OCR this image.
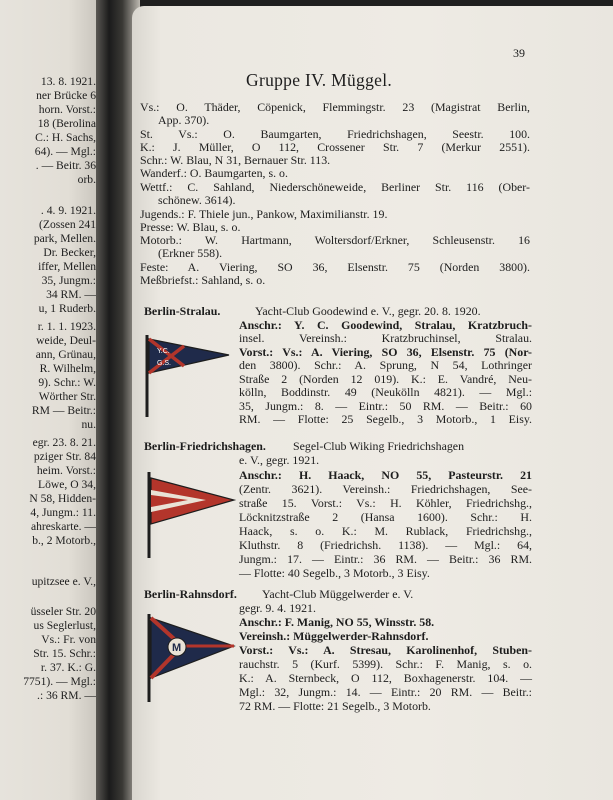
39
Gruppe IV. Müggel.
Y.C.
G.S.
M
13. 8. 1921.
ner Brücke 6
horn. Vorst.:
18 (Berolina
C.: H. Sachs,
64). — Mgl.:
. — Beitr. 36
orb.
. 4. 9. 1921.
(Zossen 241
park, Mellen.
Dr. Becker,
iffer, Mellen
35, Jungm.:
34 RM. —
u, 1 Ruderb.
r. 1. 1. 1923.
weide, Deul-
ann, Grünau,
R. Wilhelm,
9). Schr.: W.
Wörther Str.
RM — Beitr.:
nu.
egr. 23. 8. 21.
pziger Str. 84
heim. Vorst.:
Löwe, O 34,
N 58, Hidden-
4, Jungm.: 11.
ahreskarte. —
b., 2 Motorb.,
upitzsee e. V.,
üsseler Str. 20
us Seglerlust,
Vs.: Fr. von
Str. 15. Schr.:
r. 37. K.: G.
7751). — Mgl.:
.: 36 RM. —
Vs.: O. Thäder, Cöpenick, Flemmingstr. 23 (Magistrat Berlin,
App. 370).
St. Vs.: O. Baumgarten, Friedrichshagen, Seestr. 100.
K.: J. Müller, O 112, Crossener Str. 7 (Merkur 2551).
Schr.: W. Blau, N 31, Bernauer Str. 113.
Wanderf.: O. Baumgarten, s. o.
Wettf.: C. Sahland, Niederschöneweide, Berliner Str. 116 (Ober-
schönew. 3614).
Jugends.: F. Thiele jun., Pankow, Maximilianstr. 19.
Presse: W. Blau, s. o.
Motorb.: W. Hartmann, Woltersdorf/Erkner, Schleusenstr. 16
(Erkner 558).
Feste: A. Viering, SO 36, Elsenstr. 75 (Norden 3800).
Meßbriefst.: Sahland, s. o.
Berlin-Stralau.	Yacht-Club Goodewind e. V., gegr. 20. 8. 1920.
Anschr.: Y. C. Goodewind, Stralau, Kratzbruch-
insel. Vereinsh.: Kratzbruchinsel, Stralau.
Vorst.: Vs.: A. Viering, SO 36, Elsenstr. 75 (Nor-
den 3800). Schr.: A. Sprung, N 54, Lothringer
Straße 2 (Norden 12 019). K.: E. Vandré, Neu-
kölln, Boddinstr. 49 (Neukölln 4821). — Mgl.:
35, Jungm.: 8. — Eintr.: 50 RM. — Beitr.: 60
RM. — Flotte: 25 Segelb., 3 Motorb., 1 Eisy.
Berlin-Friedrichshagen. Segel-Club Wiking Friedrichshagen
e. V., gegr. 1921.
Anschr.: H. Haack, NO 55, Pasteurstr. 21
(Zentr. 3621). Vereinsh.: Friedrichshagen, See-
straße 15. Vorst.: Vs.: H. Köhler, Friedrichshg.,
Löcknitzstraße 2 (Hansa 1600). Schr.: H.
Haack, s. o. K.: M. Rublack, Friedrichshg.,
Kluthstr. 8 (Friedrichsh. 1138). — Mgl.: 64,
Jungm.: 17. — Eintr.: 36 RM. — Beitr.: 36 RM.
— Flotte: 40 Segelb., 3 Motorb., 3 Eisy.
Berlin-Rahnsdorf. Yacht-Club Müggelwerder e. V.
gegr. 9. 4. 1921.
Anschr.: F. Manig, NO 55, Winsstr. 58.
Vereinsh.: Müggelwerder-Rahnsdorf.
Vorst.: Vs.: A. Stresau, Karolinenhof, Stuben-
rauchstr. 5 (Kurf. 5399). Schr.: F. Manig, s. o.
K.: A. Sternbeck, O 112, Boxhagenerstr. 104. —
Mgl.: 32, Jungm.: 14. — Eintr.: 20 RM. — Beitr.:
72 RM. — Flotte: 21 Segelb., 3 Motorb.
